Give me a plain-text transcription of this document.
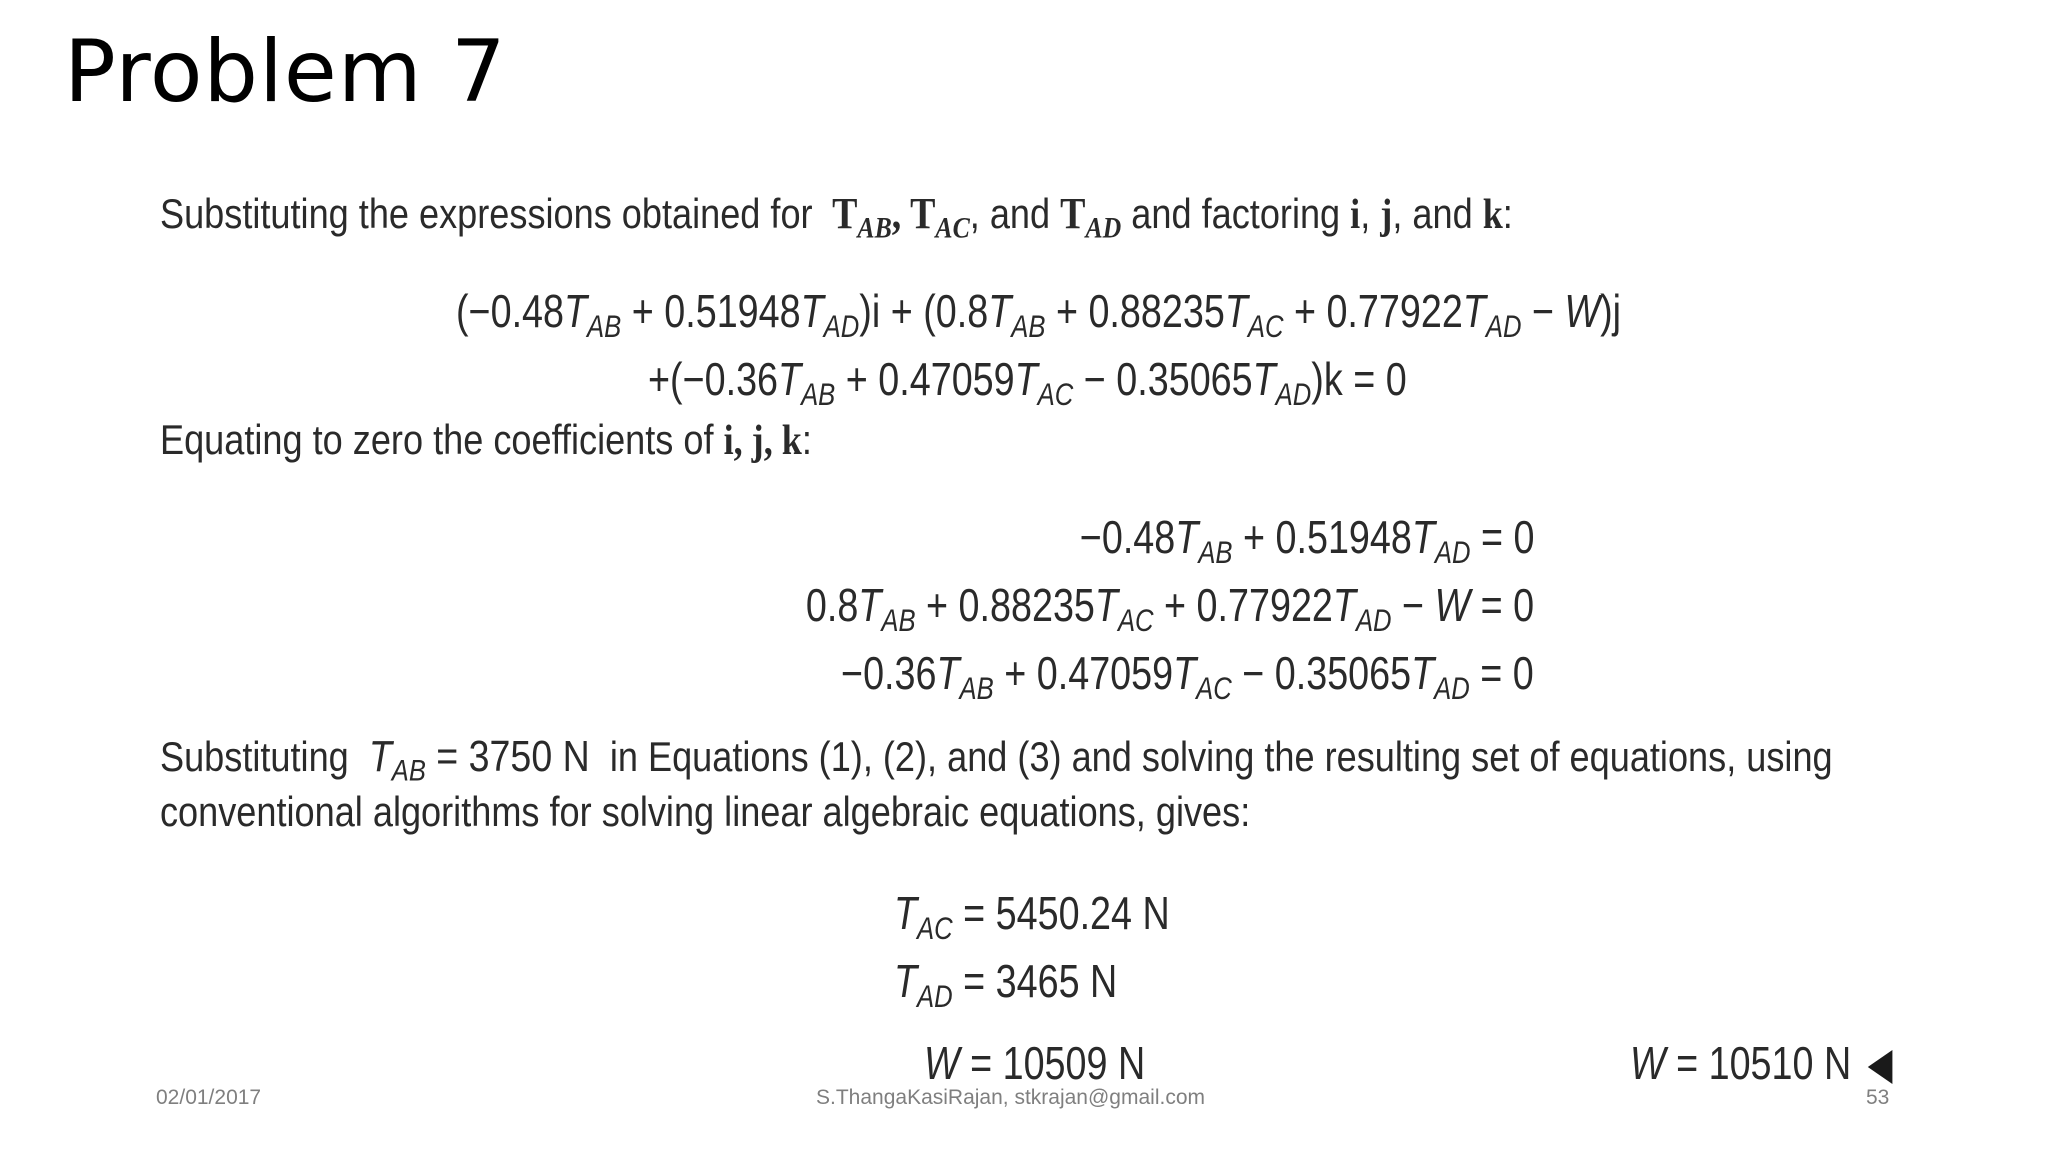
Problem 7
Substituting the expressions obtained for $T_{AB}$, $T_{AC}$, and $T_{AD}$ and factoring i, j, and k:
$(-0.48T_{AB} + 0.51948T_{AD})i + (0.8T_{AB} + 0.88235T_{AC} + 0.77922T_{AD} - W)j$
$+(-0.36T_{AB} + 0.47059T_{AC} - 0.35065T_{AD})k = 0$
Equating to zero the coefficients of i, j, k:
$-0.48T_{AB} + 0.51948T_{AD} = 0$
$0.8T_{AB} + 0.88235T_{AC} + 0.77922T_{AD} - W = 0$
$-0.36T_{AB} + 0.47059T_{AC} - 0.35065T_{AD} = 0$
Substituting $T_{AB} = 3750$ N in Equations (1), (2), and (3) and solving the resulting set of equations, using
conventional algorithms for solving linear algebraic equations, gives:
$T_{AC} = 5450.24$ N
$T_{AD} = 3465$ N
W = 10509 N	W = 10510 N
02/01/2017	S.ThangaKasiRajan, stkrajan@gmail.com	53
